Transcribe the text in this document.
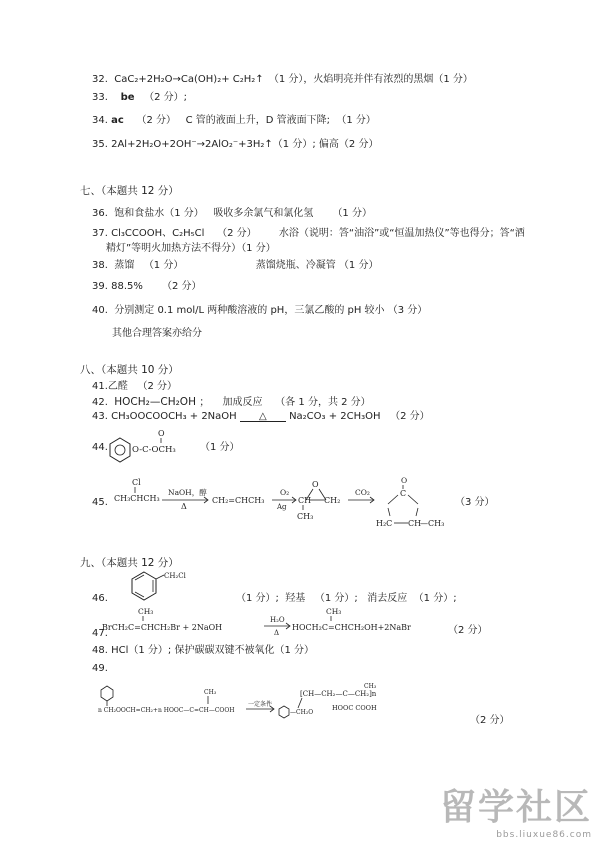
32. CaC₂+2H₂O→Ca(OH)₂+ C₂H₂↑ （1 分），火焰明亮并伴有浓烈的黑烟（1 分）
33. be （2 分）;
34. ac （2 分） C 管的液面上升，D 管液面下降; （1 分）
35. 2Al+2H₂O+2OH⁻→2AlO₂⁻+3H₂↑（1 分）; 偏高（2 分）
七、（本题共 12 分）
36. 饱和食盐水（1 分） 吸收多余氯气和氯化氢 （1 分）
37. Cl₃CCOOH、C₂H₅Cl （2 分） 水浴（说明：答“油浴”或“恒温加热仪”等也得分；答“酒
精灯”等明火加热方法不得分）（1 分）
38. 蒸馏 （1 分）	蒸馏烧瓶、冷凝管 （1 分）
39. 88.5% （2 分）
40. 分别测定 0.1 mol/L 两种酸溶液的 pH，三氯乙酸的 pH 较小 （3 分）
其他合理答案亦给分
八、（本题共 10 分）
41.乙醛 （2 分）
42. HOCH₂—CH₂OH ； 加成反应 （各 1 分，共 2 分）
43. CH₃OOCOOCH₃ + 2NaOH △ Na₂CO₃ + 2CH₃OH （2 分）
44.
O
O-C-OCH₃ （1 分）
45.
Cl
CH₃CHCH₃
NaOH，醇
Δ
CH₂=CHCH₃
O₂
Ag
O
CH CH₂
CH₃
CO₂
O
C
H₂C CH
—CH₃
（3 分）
九、（本题共 12 分）
CH₂Cl
46.	（1 分）; 羟基 （1 分）; 消去反应 （1 分）;
CH₃
BrCH₂C=CHCH₂Br + 2NaOH
H₂O
Δ
CH₃
HOCH₂C=CHCH₂OH+2NaBr
47.	（2 分）
48. HCl（1 分）; 保护碳碳双键不被氧化（1 分）
49.
n CH₂OOCH=CH₂+n HOOC—C=CH—COOH
CH₃
一定条件
—CH₂O
[CH—CH₂—C—CH₂]n
CH₃
HOOC COOH
（2 分）
留学社区
bbs.liuxue86.com
